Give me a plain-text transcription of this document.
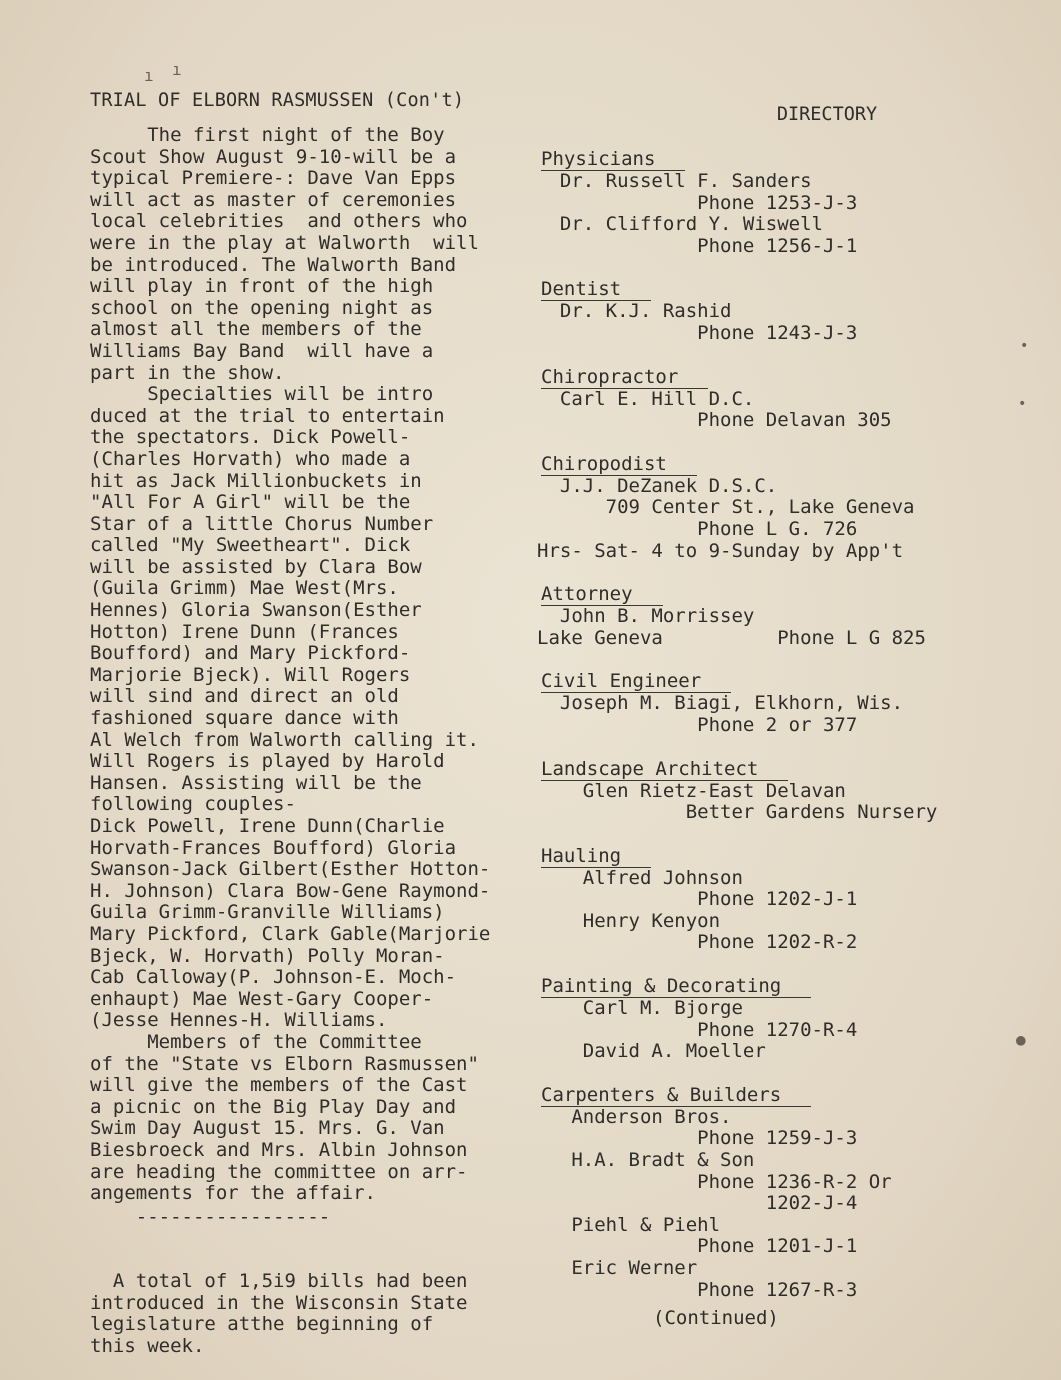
ı ı
•
•
●
TRIAL OF ELBORN RASMUSSEN (Con't)
The first night of the Boy
Scout Show August 9-10-will be a
typical Premiere-: Dave Van Epps
will act as master of ceremonies
local celebrities  and others who
were in the play at Walworth  will
be introduced. The Walworth Band
will play in front of the high
school on the opening night as
almost all the members of the
Williams Bay Band  will have a
part in the show.
Specialties will be intro
duced at the trial to entertain
the spectators. Dick Powell-
(Charles Horvath) who made a
hit as Jack Millionbuckets in
"All For A Girl" will be the
Star of a little Chorus Number
called "My Sweetheart". Dick
will be assisted by Clara Bow
(Guila Grimm) Mae West(Mrs.
Hennes) Gloria Swanson(Esther
Hotton) Irene Dunn (Frances
Boufford) and Mary Pickford-
Marjorie Bjeck). Will Rogers
will sind and direct an old
fashioned square dance with
Al Welch from Walworth calling it.
Will Rogers is played by Harold
Hansen. Assisting will be the
following couples-
Dick Powell, Irene Dunn(Charlie
Horvath-Frances Boufford) Gloria
Swanson-Jack Gilbert(Esther Hotton-
H. Johnson) Clara Bow-Gene Raymond-
Guila Grimm-Granville Williams)
Mary Pickford, Clark Gable(Marjorie
Bjeck, W. Horvath) Polly Moran-
Cab Calloway(P. Johnson-E. Moch-
enhaupt) Mae West-Gary Cooper-
(Jesse Hennes-H. Williams.
Members of the Committee
of the "State vs Elborn Rasmussen"
will give the members of the Cast
a picnic on the Big Play Day and
Swim Day August 15. Mrs. G. Van
Biesbroeck and Mrs. Albin Johnson
are heading the committee on arr-
angements for the affair.
-----------------
A total of 1,5i9 bills had been
introduced in the Wisconsin State
legislature atthe beginning of
this week.
DIRECTORY
Physicians
Dr. Russell F. Sanders
Phone 1253-J-3
Dr. Clifford Y. Wiswell
Phone 1256-J-1
Dentist
Dr. K.J. Rashid
Phone 1243-J-3
Chiropractor
Carl E. Hill D.C.
Phone Delavan 305
Chiropodist
J.J. DeZanek D.S.C.
709 Center St., Lake Geneva
Phone L G. 726
Hrs- Sat- 4 to 9-Sunday by App't
Attorney
John B. Morrissey
Lake Geneva          Phone L G 825
Civil Engineer
Joseph M. Biagi, Elkhorn, Wis.
Phone 2 or 377
Landscape Architect
Glen Rietz-East Delavan
Better Gardens Nursery
Hauling
Alfred Johnson
Phone 1202-J-1
Henry Kenyon
Phone 1202-R-2
Painting & Decorating
Carl M. Bjorge
Phone 1270-R-4
David A. Moeller
Carpenters & Builders
Anderson Bros.
Phone 1259-J-3
H.A. Bradt & Son
Phone 1236-R-2 Or
1202-J-4
Piehl & Piehl
Phone 1201-J-1
Eric Werner
Phone 1267-R-3
(Continued)
